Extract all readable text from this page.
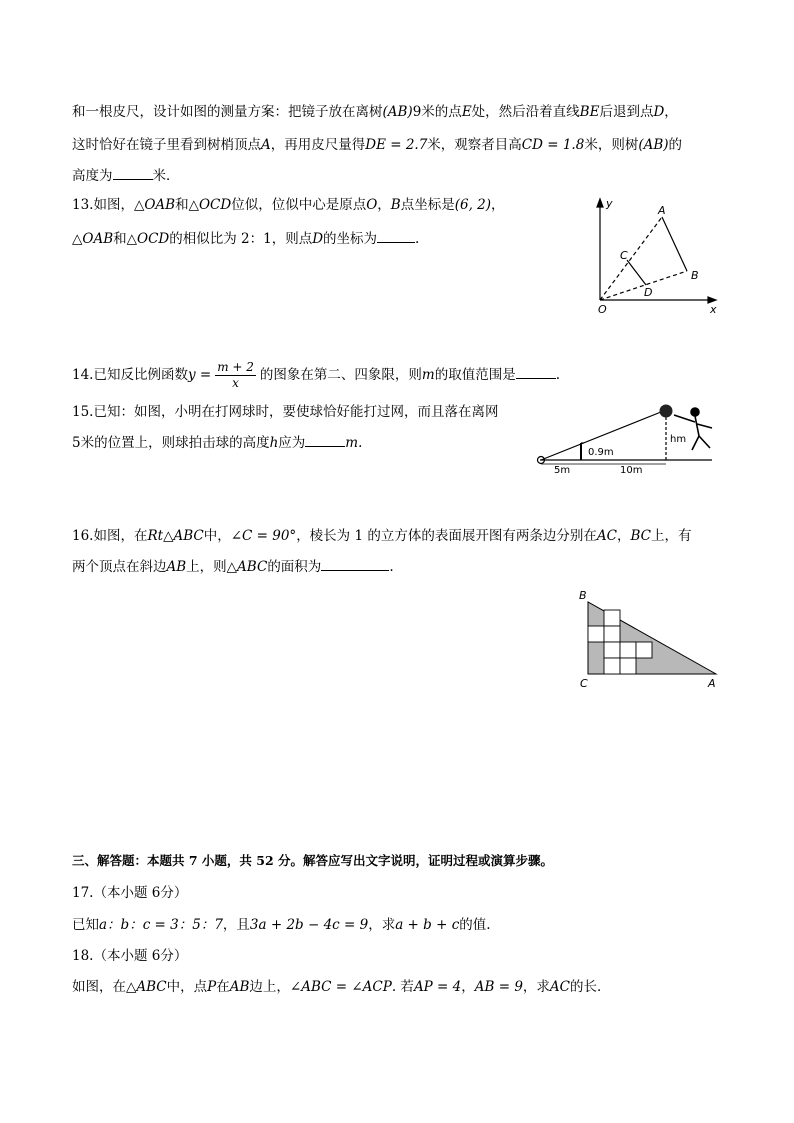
和一根皮尺，设计如图的测量方案：把镜子放在离树(AB)9米的点E处，然后沿着直线BE后退到点D，
这时恰好在镜子里看到树梢顶点A，再用皮尺量得DE = 2.7米，观察者目高CD = 1.8米，则树(AB)的
高度为	米．
13.如图，△OAB和△OCD位似，位似中心是原点O，B点坐标是(6, 2)，
△OAB和△OCD的相似比为 2：1，则点D的坐标为	.
y
x
A
B
C
D
O
14.已知反比例函数$y = \frac{m + 2}{x}$ 的图象在第二、四象限，则m的取值范围是	.
15.已知：如图，小明在打网球时，要使球恰好能打过网，而且落在离网
5米的位置上，则球拍击球的高度h应为	m.
0.9m
hm
5m	10m
16.如图，在Rt△ABC中，∠C = 90°，棱长为 1 的立方体的表面展开图有两条边分别在AC，BC上，有
两个顶点在斜边AB上，则△ABC的面积为	.
B
C	A
三、解答题：本题共 7 小题，共 52 分。解答应写出文字说明，证明过程或演算步骤。
17.（本小题 6分）
已知a：b：c = 3：5：7，且3a + 2b − 4c = 9，求a + b + c的值.
18.（本小题 6分）
如图，在△ABC中，点P在AB边上，∠ABC = ∠ACP. 若AP = 4，AB = 9，求AC的长．
